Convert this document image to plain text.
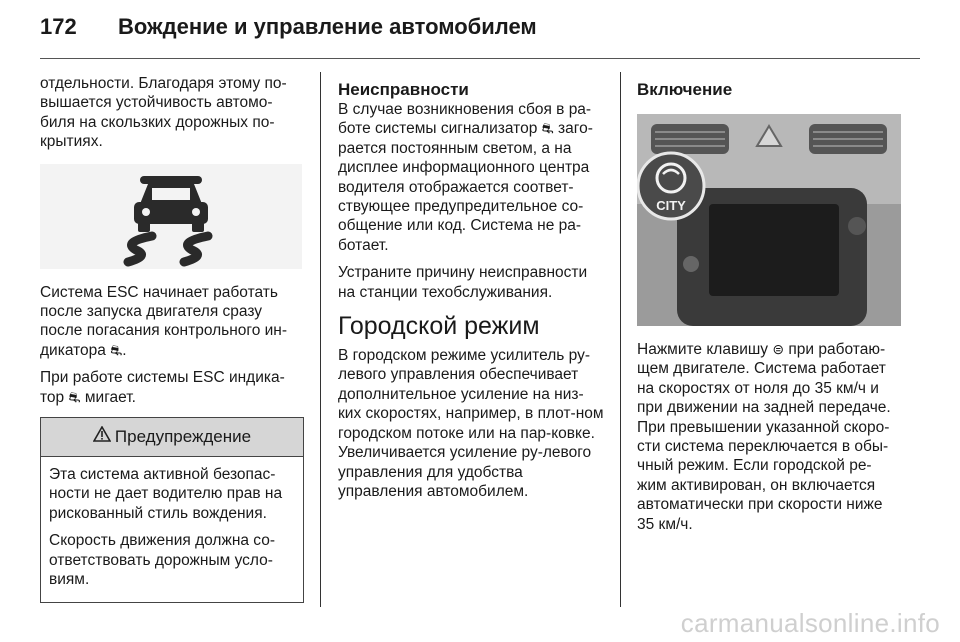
172 Вождение и управление автомобилем

отдельности. Благодаря этому по-вышается устойчивость автомо-биля на скользких дорожных по-крытиях.

Система ESC начинает работать после запуска двигателя сразу после погасания контрольного ин-дикатора ⛐.

При работе системы ESC индика-тор ⛐ мигает.

Предупреждение

Эта система активной безопас-ности не дает водителю прав на рискованный стиль вождения.

Скорость движения должна со-ответствовать дорожным усло-виям.

Неисправности

В случае возникновения сбоя в ра-боте системы сигнализатор ⛐ заго-рается постоянным светом, а на дисплее информационного центра водителя отображается соответ-ствующее предупредительное со-общение или код. Система не ра-ботает.

Устраните причину неисправности на станции техобслуживания.

Городской режим

В городском режиме усилитель ру-левого управления обеспечивает дополнительное усиление на низ-ких скоростях, например, в плот-ном городском потоке или на пар-ковке. Увеличивается усиление ру-левого управления для удобства управления автомобилем.

Включение
CITY

Нажмите клавишу ⊜ при работаю-щем двигателе. Система работает на скоростях от ноля до 35 км/ч и при движении на задней передаче. При превышении указанной скоро-сти система переключается в обы-чный режим. Если городской ре-жим активирован, он включается автоматически при скорости ниже 35 км/ч.

carmanualsonline.info
